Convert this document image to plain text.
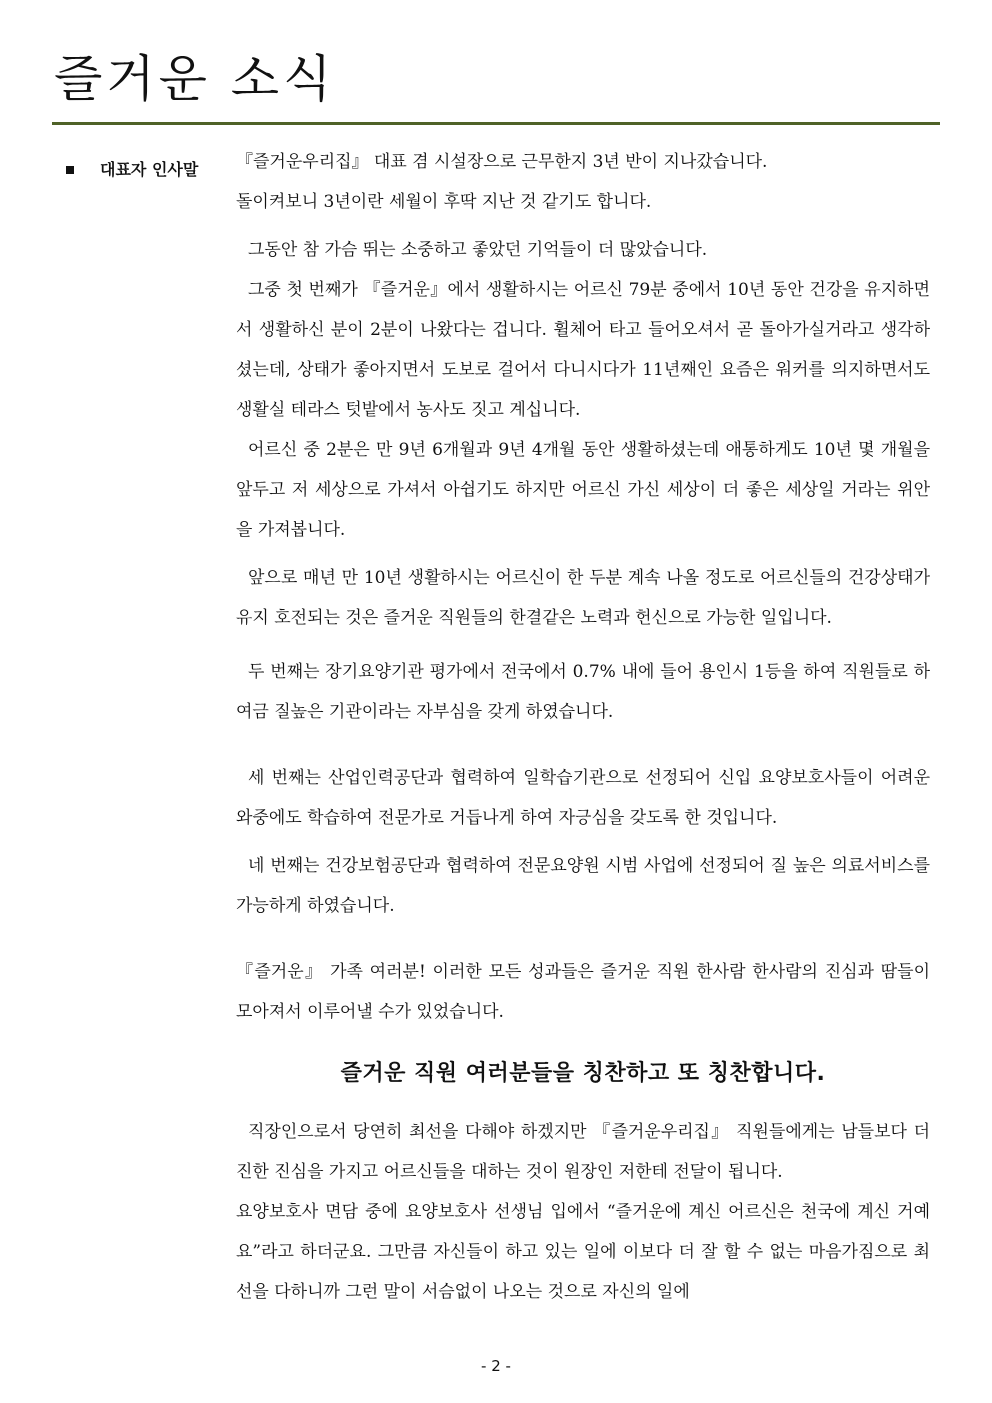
즐거운 소식
대표자 인사말 『즐거운우리집』 대표 겸 시설장으로 근무한지 3년 반이 지나갔습니다.

돌이켜보니 3년이란 세월이 후딱 지난 것 같기도 합니다.

그동안 참 가슴 뛰는 소중하고 좋았던 기억들이 더 많았습니다.

그중 첫 번째가 『즐거운』에서 생활하시는 어르신 79분 중에서 10년 동안 건강을 유지하면서 생활하신 분이 2분이 나왔다는 겁니다. 휠체어 타고 들어오셔서 곧 돌아가실거라고 생각하셨는데, 상태가 좋아지면서 도보로 걸어서 다니시다가 11년째인 요즘은 워커를 의지하면서도 생활실 테라스 텃밭에서 농사도 짓고 계십니다.

어르신 중 2분은 만 9년 6개월과 9년 4개월 동안 생활하셨는데 애통하게도 10년 몇 개월을 앞두고 저 세상으로 가셔서 아쉽기도 하지만 어르신 가신 세상이 더 좋은 세상일 거라는 위안을 가져봅니다.

앞으로 매년 만 10년 생활하시는 어르신이 한 두분 계속 나올 정도로 어르신들의 건강상태가 유지 호전되는 것은 즐거운 직원들의 한결같은 노력과 헌신으로 가능한 일입니다.

두 번째는 장기요양기관 평가에서 전국에서 0.7% 내에 들어 용인시 1등을 하여 직원들로 하여금 질높은 기관이라는 자부심을 갖게 하였습니다.

세 번째는 산업인력공단과 협력하여 일학습기관으로 선정되어 신입 요양보호사들이 어려운 와중에도 학습하여 전문가로 거듭나게 하여 자긍심을 갖도록 한 것입니다.

네 번째는 건강보험공단과 협력하여 전문요양원 시범 사업에 선정되어 질 높은 의료서비스를 가능하게 하였습니다.

『즐거운』 가족 여러분! 이러한 모든 성과들은 즐거운 직원 한사람 한사람의 진심과 땀들이 모아져서 이루어낼 수가 있었습니다.

즐거운 직원 여러분들을 칭찬하고 또 칭찬합니다.

직장인으로서 당연히 최선을 다해야 하겠지만 『즐거운우리집』 직원들에게는 남들보다 더 진한 진심을 가지고 어르신들을 대하는 것이 원장인 저한테 전달이 됩니다.

요양보호사 면담 중에 요양보호사 선생님 입에서 “즐거운에 계신 어르신은 천국에 계신 거예요”라고 하더군요. 그만큼 자신들이 하고 있는 일에 이보다 더 잘 할 수 없는 마음가짐으로 최선을 다하니까 그런 말이 서슴없이 나오는 것으로 자신의 일에

- 2 -
